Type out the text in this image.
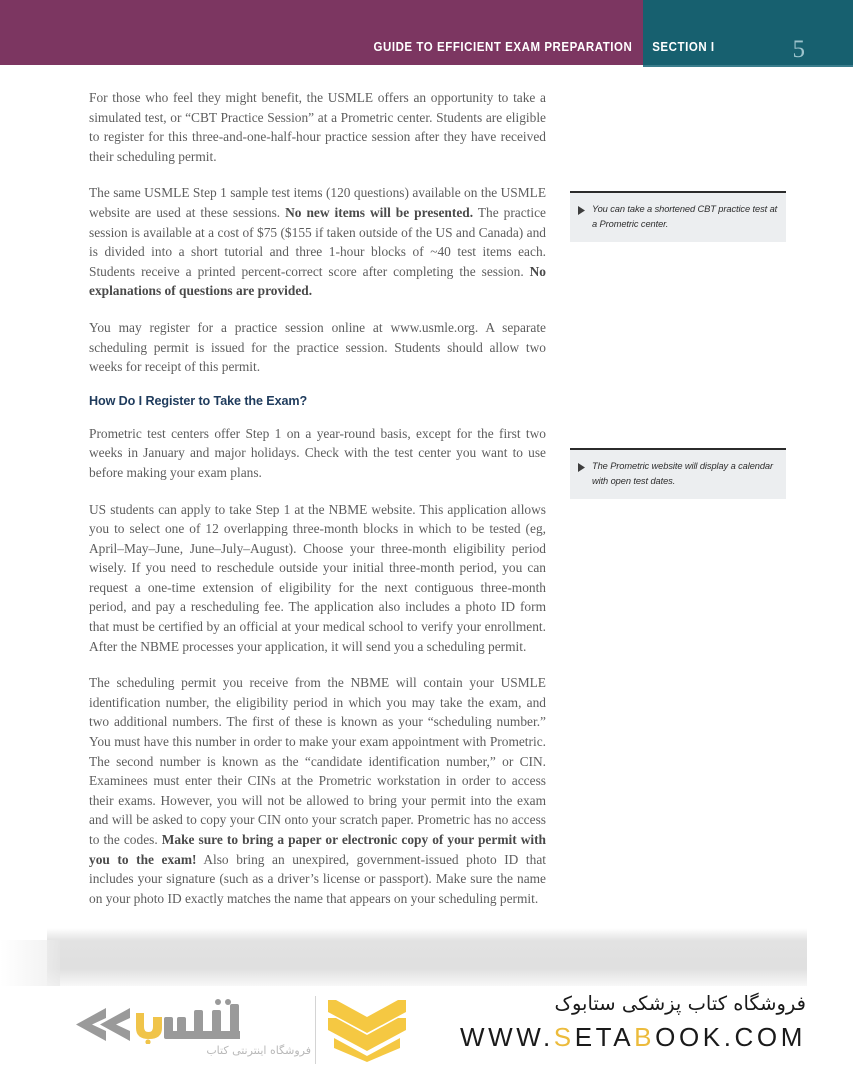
GUIDE TO EFFICIENT EXAM PREPARATION	SECTION I	5

For those who feel they might benefit, the USMLE offers an opportunity to take a simulated test, or “CBT Practice Session” at a Prometric center. Students are eligible to register for this three-and-one-half-hour practice session after they have received their scheduling permit.

The same USMLE Step 1 sample test items (120 questions) available on the USMLE website are used at these sessions. No new items will be presented. The practice session is available at a cost of $75 ($155 if taken outside of the US and Canada) and is divided into a short tutorial and three 1-hour blocks of ~40 test items each. Students receive a printed percent-correct score after completing the session. No explanations of questions are provided.

You may register for a practice session online at www.usmle.org. A separate scheduling permit is issued for the practice session. Students should allow two weeks for receipt of this permit.

How Do I Register to Take the Exam?

Prometric test centers offer Step 1 on a year-round basis, except for the first two weeks in January and major holidays. Check with the test center you want to use before making your exam plans.

US students can apply to take Step 1 at the NBME website. This application allows you to select one of 12 overlapping three-month blocks in which to be tested (eg, April–May–June, June–July–August). Choose your three-month eligibility period wisely. If you need to reschedule outside your initial three-month period, you can request a one-time extension of eligibility for the next contiguous three-month period, and pay a rescheduling fee. The application also includes a photo ID form that must be certified by an official at your medical school to verify your enrollment. After the NBME processes your application, it will send you a scheduling permit.

The scheduling permit you receive from the NBME will contain your USMLE identification number, the eligibility period in which you may take the exam, and two additional numbers. The first of these is known as your “scheduling number.” You must have this number in order to make your exam appointment with Prometric. The second number is known as the “candidate identification number,” or CIN. Examinees must enter their CINs at the Prometric workstation in order to access their exams. However, you will not be allowed to bring your permit into the exam and will be asked to copy your CIN onto your scratch paper. Prometric has no access to the codes. Make sure to bring a paper or electronic copy of your permit with you to the exam! Also bring an unexpired, government-issued photo ID that includes your signature (such as a driver’s license or passport). Make sure the name on your photo ID exactly matches the name that appears on your scheduling permit.

You can take a shortened CBT practice test at a Prometric center.
The Prometric website will display a calendar with open test dates.
فروشگاه اینترنتی کتاب
فروشگاه کتاب پزشکی ستابوک
WWW.SETABOOK.COM
